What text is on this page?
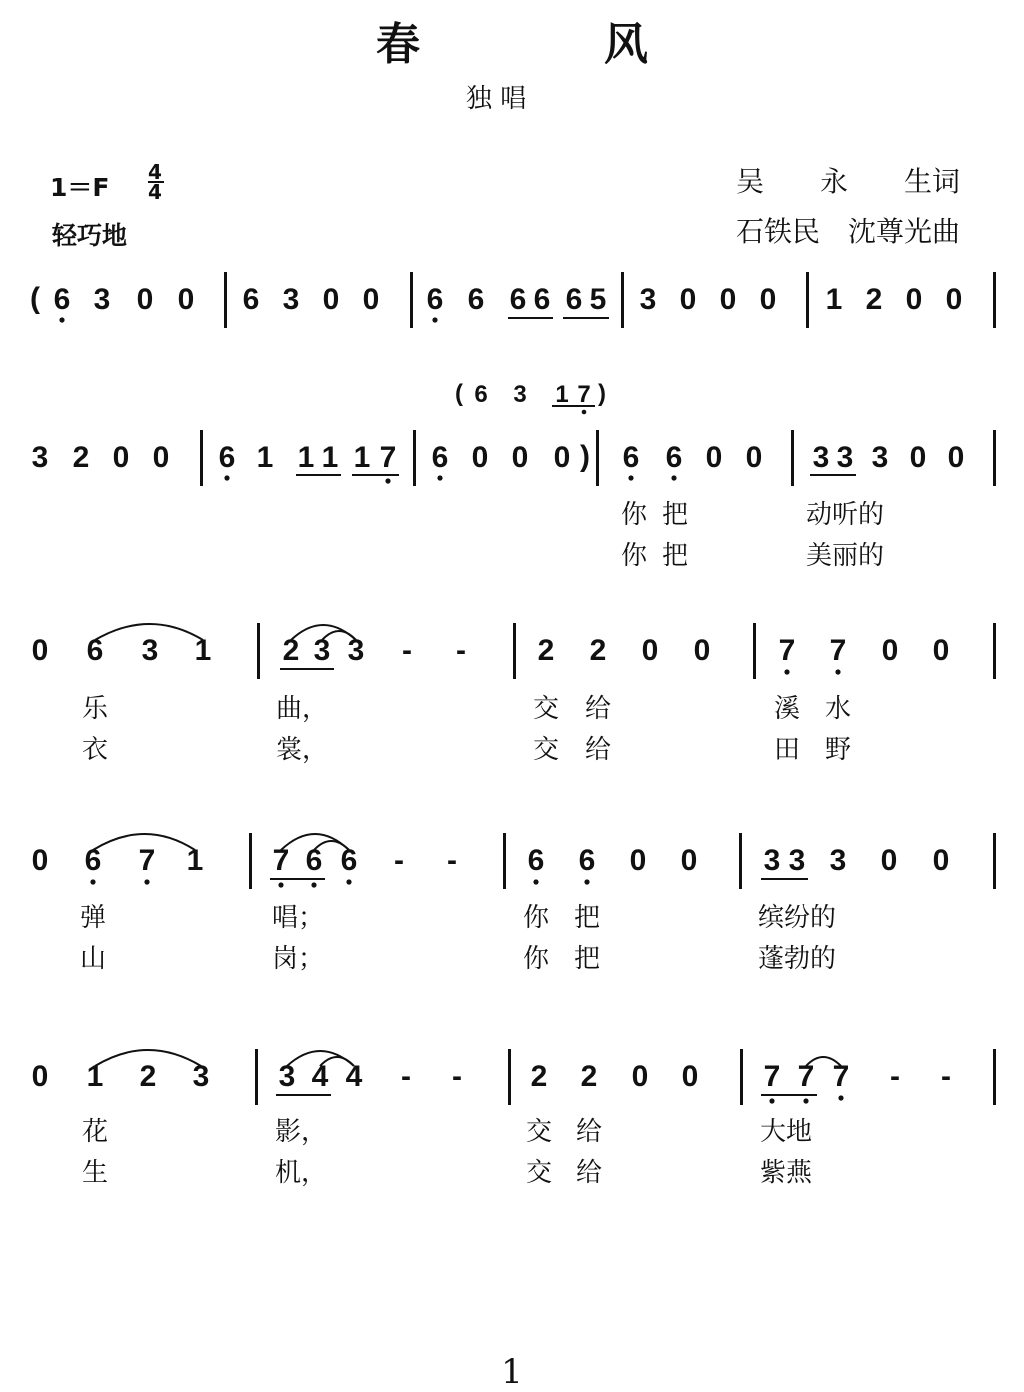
春	风
独 唱
1＝F
4
4
轻巧地
吴　　永　　生词
石铁民　沈尊光曲
( 6 3 0 0 6 3 0 0 6 6 6 6 6 5 3 0 0 0 1 2 0 0
( 6 3 1 7 )
3 2 0 0 6 1 1 1 1 7 6 0 0 0 ) 6 6 0 0 3 3 3 0 0
你 把	动听的
你 把	美丽的
0 6 3 1 2 3 3	-	-	2 2 0 0 7 7 0 0
乐	曲，	交 给	溪 水
衣	裳，	交 给	田 野
0 6 7 1 7 6 6	-	-	6 6 0 0 3 3 3 0 0
弹	唱；	你 把	缤纷的
山	岗；	你 把	蓬勃的
0 1 2 3 3 4 4	-	-	2 2 0 0 7 7 7	-	-
花	影，	交 给	大地
生	机，	交 给	紫燕
1
